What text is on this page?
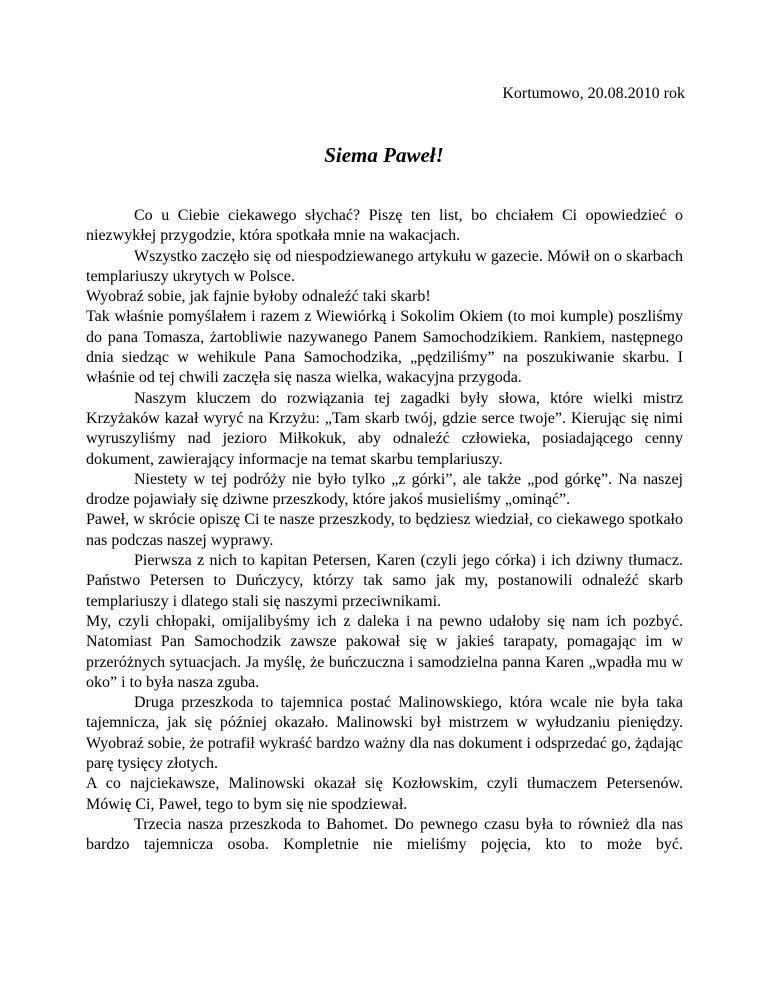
Kortumowo, 20.08.2010 rok
Siema Paweł!

Co u Ciebie ciekawego słychać? Piszę ten list, bo chciałem Ci opowiedzieć o niezwykłej przygodzie, która spotkała mnie na wakacjach.

Wszystko zaczęło się od niespodziewanego artykułu w gazecie. Mówił on o skarbach templariuszy ukrytych w Polsce.

Wyobraź sobie, jak fajnie byłoby odnaleźć taki skarb!

Tak właśnie pomyślałem i razem z Wiewiórką i Sokolim Okiem (to moi kumple) poszliśmy do pana Tomasza, żartobliwie nazywanego Panem Samochodzikiem. Rankiem, następnego dnia siedząc w wehikule Pana Samochodzika, „pędziliśmy” na poszukiwanie skarbu. I właśnie od tej chwili zaczęła się nasza wielka, wakacyjna przygoda.

Naszym kluczem do rozwiązania tej zagadki były słowa, które wielki mistrz Krzyżaków kazał wyryć na Krzyżu: „Tam skarb twój, gdzie serce twoje”. Kierując się nimi wyruszyliśmy nad jezioro Miłkokuk, aby odnaleźć człowieka, posiadającego cenny dokument, zawierający informacje na temat skarbu templariuszy.

Niestety w tej podróży nie było tylko „z górki”, ale także „pod górkę”. Na naszej drodze pojawiały się dziwne przeszkody, które jakoś musieliśmy „ominąć”.

Paweł, w skrócie opiszę Ci te nasze przeszkody, to będziesz wiedział, co ciekawego spotkało nas podczas naszej wyprawy.

Pierwsza z nich to kapitan Petersen, Karen (czyli jego córka) i ich dziwny tłumacz. Państwo Petersen to Duńczycy, którzy tak samo jak my, postanowili odnaleźć skarb templariuszy i dlatego stali się naszymi przeciwnikami.

My, czyli chłopaki, omijalibyśmy ich z daleka i na pewno udałoby się nam ich pozbyć. Natomiast Pan Samochodzik zawsze pakował się w jakieś tarapaty, pomagając im w przeróżnych sytuacjach. Ja myślę, że buńczuczna i samodzielna panna Karen „wpadła mu w oko” i to była nasza zguba.

Druga przeszkoda to tajemnica postać Malinowskiego, która wcale nie była taka tajemnicza, jak się później okazało. Malinowski był mistrzem w wyłudzaniu pieniędzy. Wyobraź sobie, że potrafił wykraść bardzo ważny dla nas dokument i odsprzedać go, żądając parę tysięcy złotych.

A co najciekawsze, Malinowski okazał się Kozłowskim, czyli tłumaczem Petersenów. Mówię Ci, Paweł, tego to bym się nie spodziewał.

Trzecia nasza przeszkoda to Bahomet. Do pewnego czasu była to również dla nas bardzo tajemnicza osoba. Kompletnie nie mieliśmy pojęcia, kto to może być.
